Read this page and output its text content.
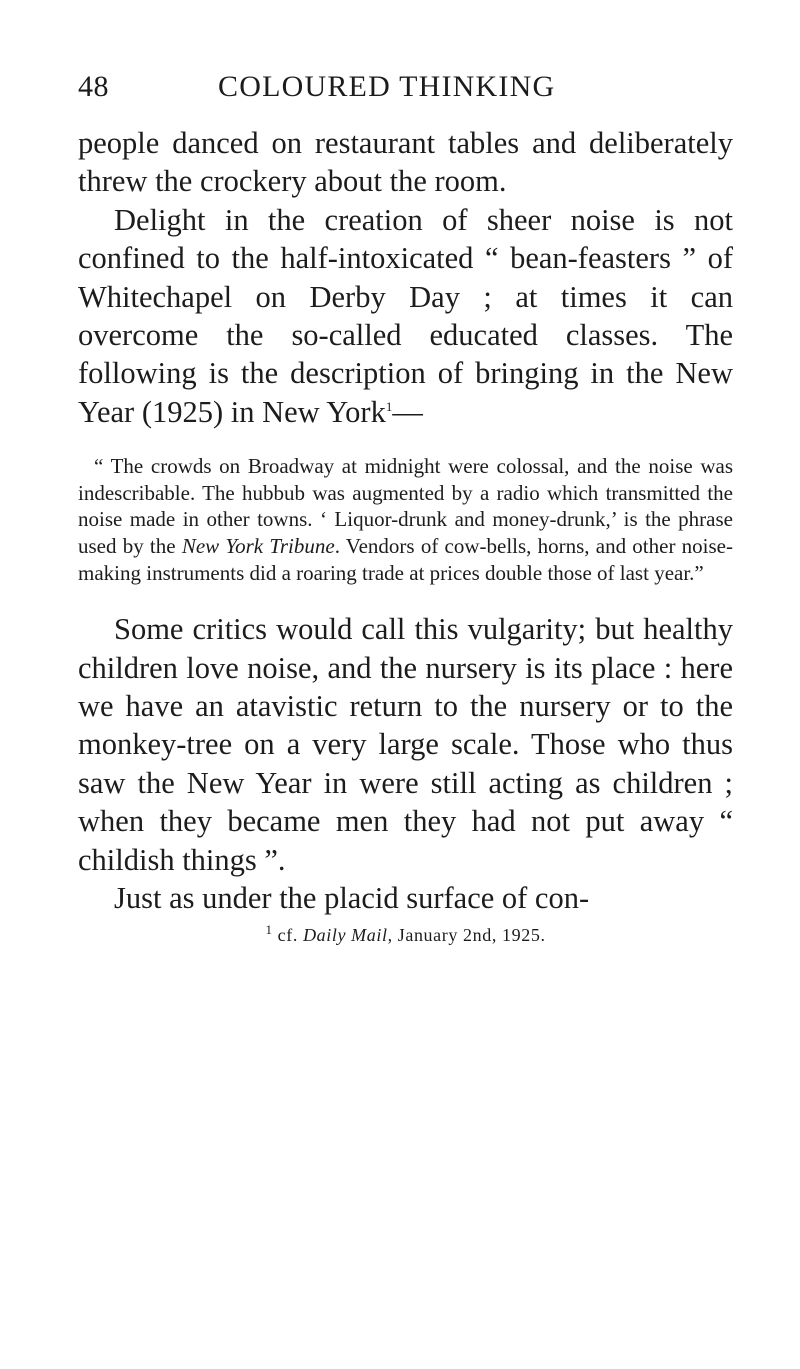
48	COLOURED THINKING

people danced on restaurant tables and deliberately threw the crockery about the room.

Delight in the creation of sheer noise is not confined to the half-intoxicated “ bean-feasters ” of Whitechapel on Derby Day ; at times it can overcome the so-called educated classes. The following is the description of bringing in the New Year (1925) in New York$^1$—

“ The crowds on Broadway at midnight were colossal, and the noise was indescribable. The hubbub was augmented by a radio which transmitted the noise made in other towns. ‘ Liquor-drunk and money-drunk,’ is the phrase used by the New York Tribune. Vendors of cow-bells, horns, and other noise-making instruments did a roaring trade at prices double those of last year.”

Some critics would call this vulgarity; but healthy children love noise, and the nursery is its place : here we have an atavistic return to the nursery or to the monkey-tree on a very large scale. Those who thus saw the New Year in were still acting as children ; when they became men they had not put away “ childish things ”.

Just as under the placid surface of con-

$^1$ cf. Daily Mail, January 2nd, 1925.
